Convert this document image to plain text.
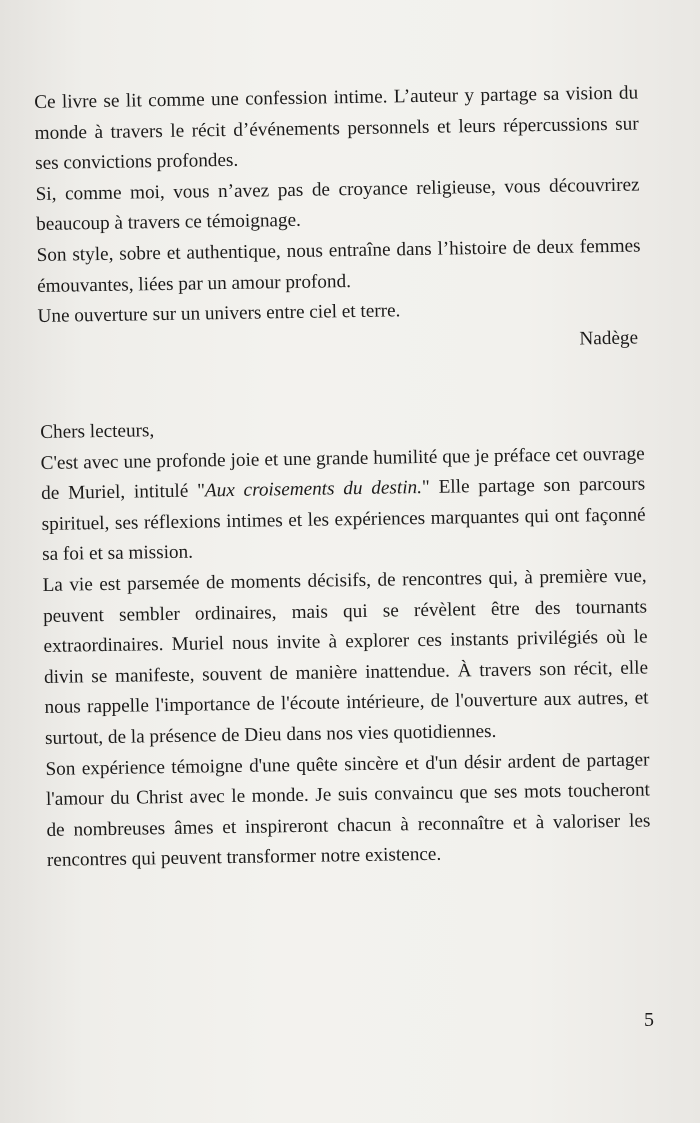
Ce livre se lit comme une confession intime. L’auteur y partage sa vision du monde à travers le récit d’événements personnels et leurs répercussions sur ses convictions profondes.

Si, comme moi, vous n’avez pas de croyance religieuse, vous découvrirez beaucoup à travers ce témoignage.

Son style, sobre et authentique, nous entraîne dans l’histoire de deux femmes émouvantes, liées par un amour profond.

Une ouverture sur un univers entre ciel et terre.

Nadège

Chers lecteurs,

C'est avec une profonde joie et une grande humilité que je préface cet ouvrage de Muriel, intitulé "Aux croisements du destin." Elle partage son parcours spirituel, ses réflexions intimes et les expériences marquantes qui ont façonné sa foi et sa mission.

La vie est parsemée de moments décisifs, de rencontres qui, à première vue, peuvent sembler ordinaires, mais qui se révèlent être des tournants extraordinaires. Muriel nous invite à explorer ces instants privilégiés où le divin se manifeste, souvent de manière inattendue. À travers son récit, elle nous rappelle l'importance de l'écoute intérieure, de l'ouverture aux autres, et surtout, de la présence de Dieu dans nos vies quotidiennes.

Son expérience témoigne d'une quête sincère et d'un désir ardent de partager l'amour du Christ avec le monde. Je suis convaincu que ses mots toucheront de nombreuses âmes et inspireront chacun à reconnaître et à valoriser les rencontres qui peuvent transformer notre existence.

5
